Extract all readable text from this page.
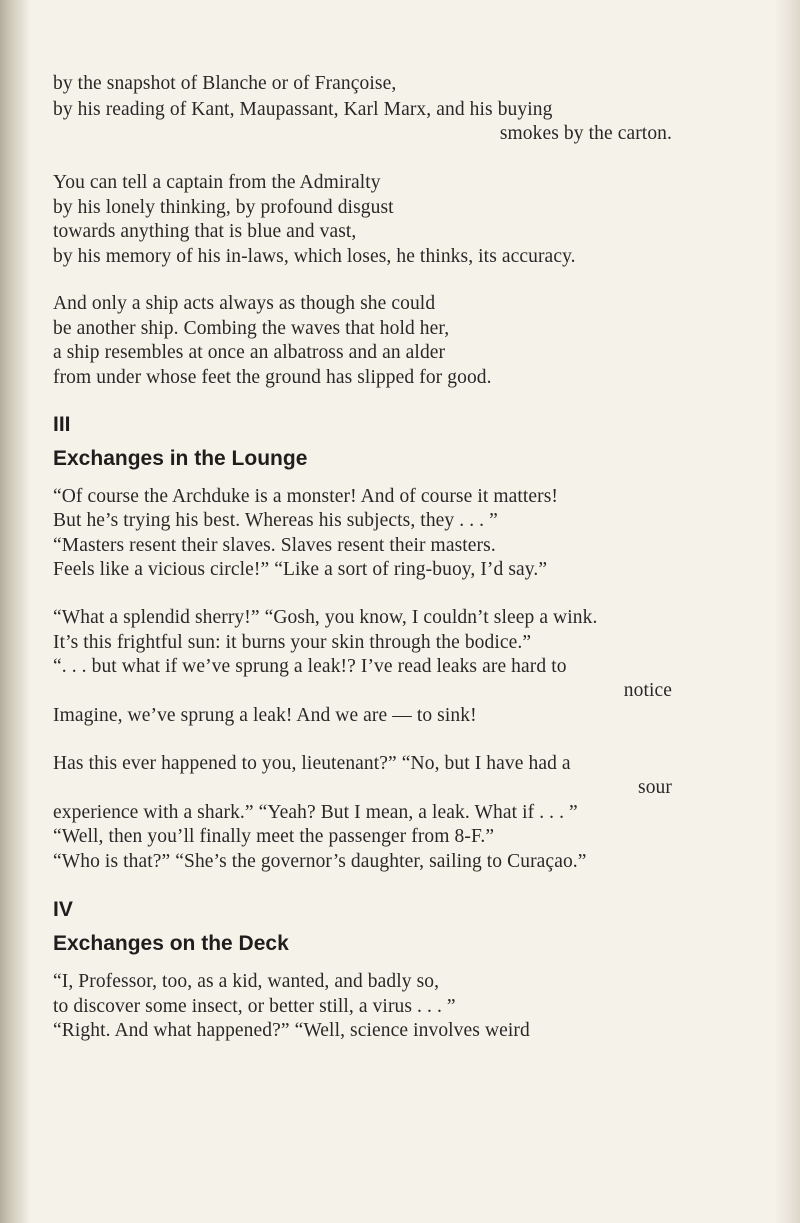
by the snapshot of Blanche or of Françoise,
by his reading of Kant, Maupassant, Karl Marx, and his buying
smokes by the carton.
You can tell a captain from the Admiralty
by his lonely thinking, by profound disgust
towards anything that is blue and vast,
by his memory of his in-laws, which loses, he thinks, its accuracy.
And only a ship acts always as though she could
be another ship. Combing the waves that hold her,
a ship resembles at once an albatross and an alder
from under whose feet the ground has slipped for good.
III
Exchanges in the Lounge
“Of course the Archduke is a monster! And of course it matters!
But he’s trying his best. Whereas his subjects, they . . . ”
“Masters resent their slaves. Slaves resent their masters.
Feels like a vicious circle!” “Like a sort of ring-buoy, I’d say.”
“What a splendid sherry!” “Gosh, you know, I couldn’t sleep a wink.
It’s this frightful sun: it burns your skin through the bodice.”
“. . . but what if we’ve sprung a leak!? I’ve read leaks are hard to
notice
Imagine, we’ve sprung a leak! And we are — to sink!
Has this ever happened to you, lieutenant?” “No, but I have had a
sour
experience with a shark.” “Yeah? But I mean, a leak. What if . . . ”
“Well, then you’ll finally meet the passenger from 8-F.”
“Who is that?” “She’s the governor’s daughter, sailing to Curaçao.”
IV
Exchanges on the Deck
“I, Professor, too, as a kid, wanted, and badly so,
to discover some insect, or better still, a virus . . . ”
“Right. And what happened?” “Well, science involves weird
